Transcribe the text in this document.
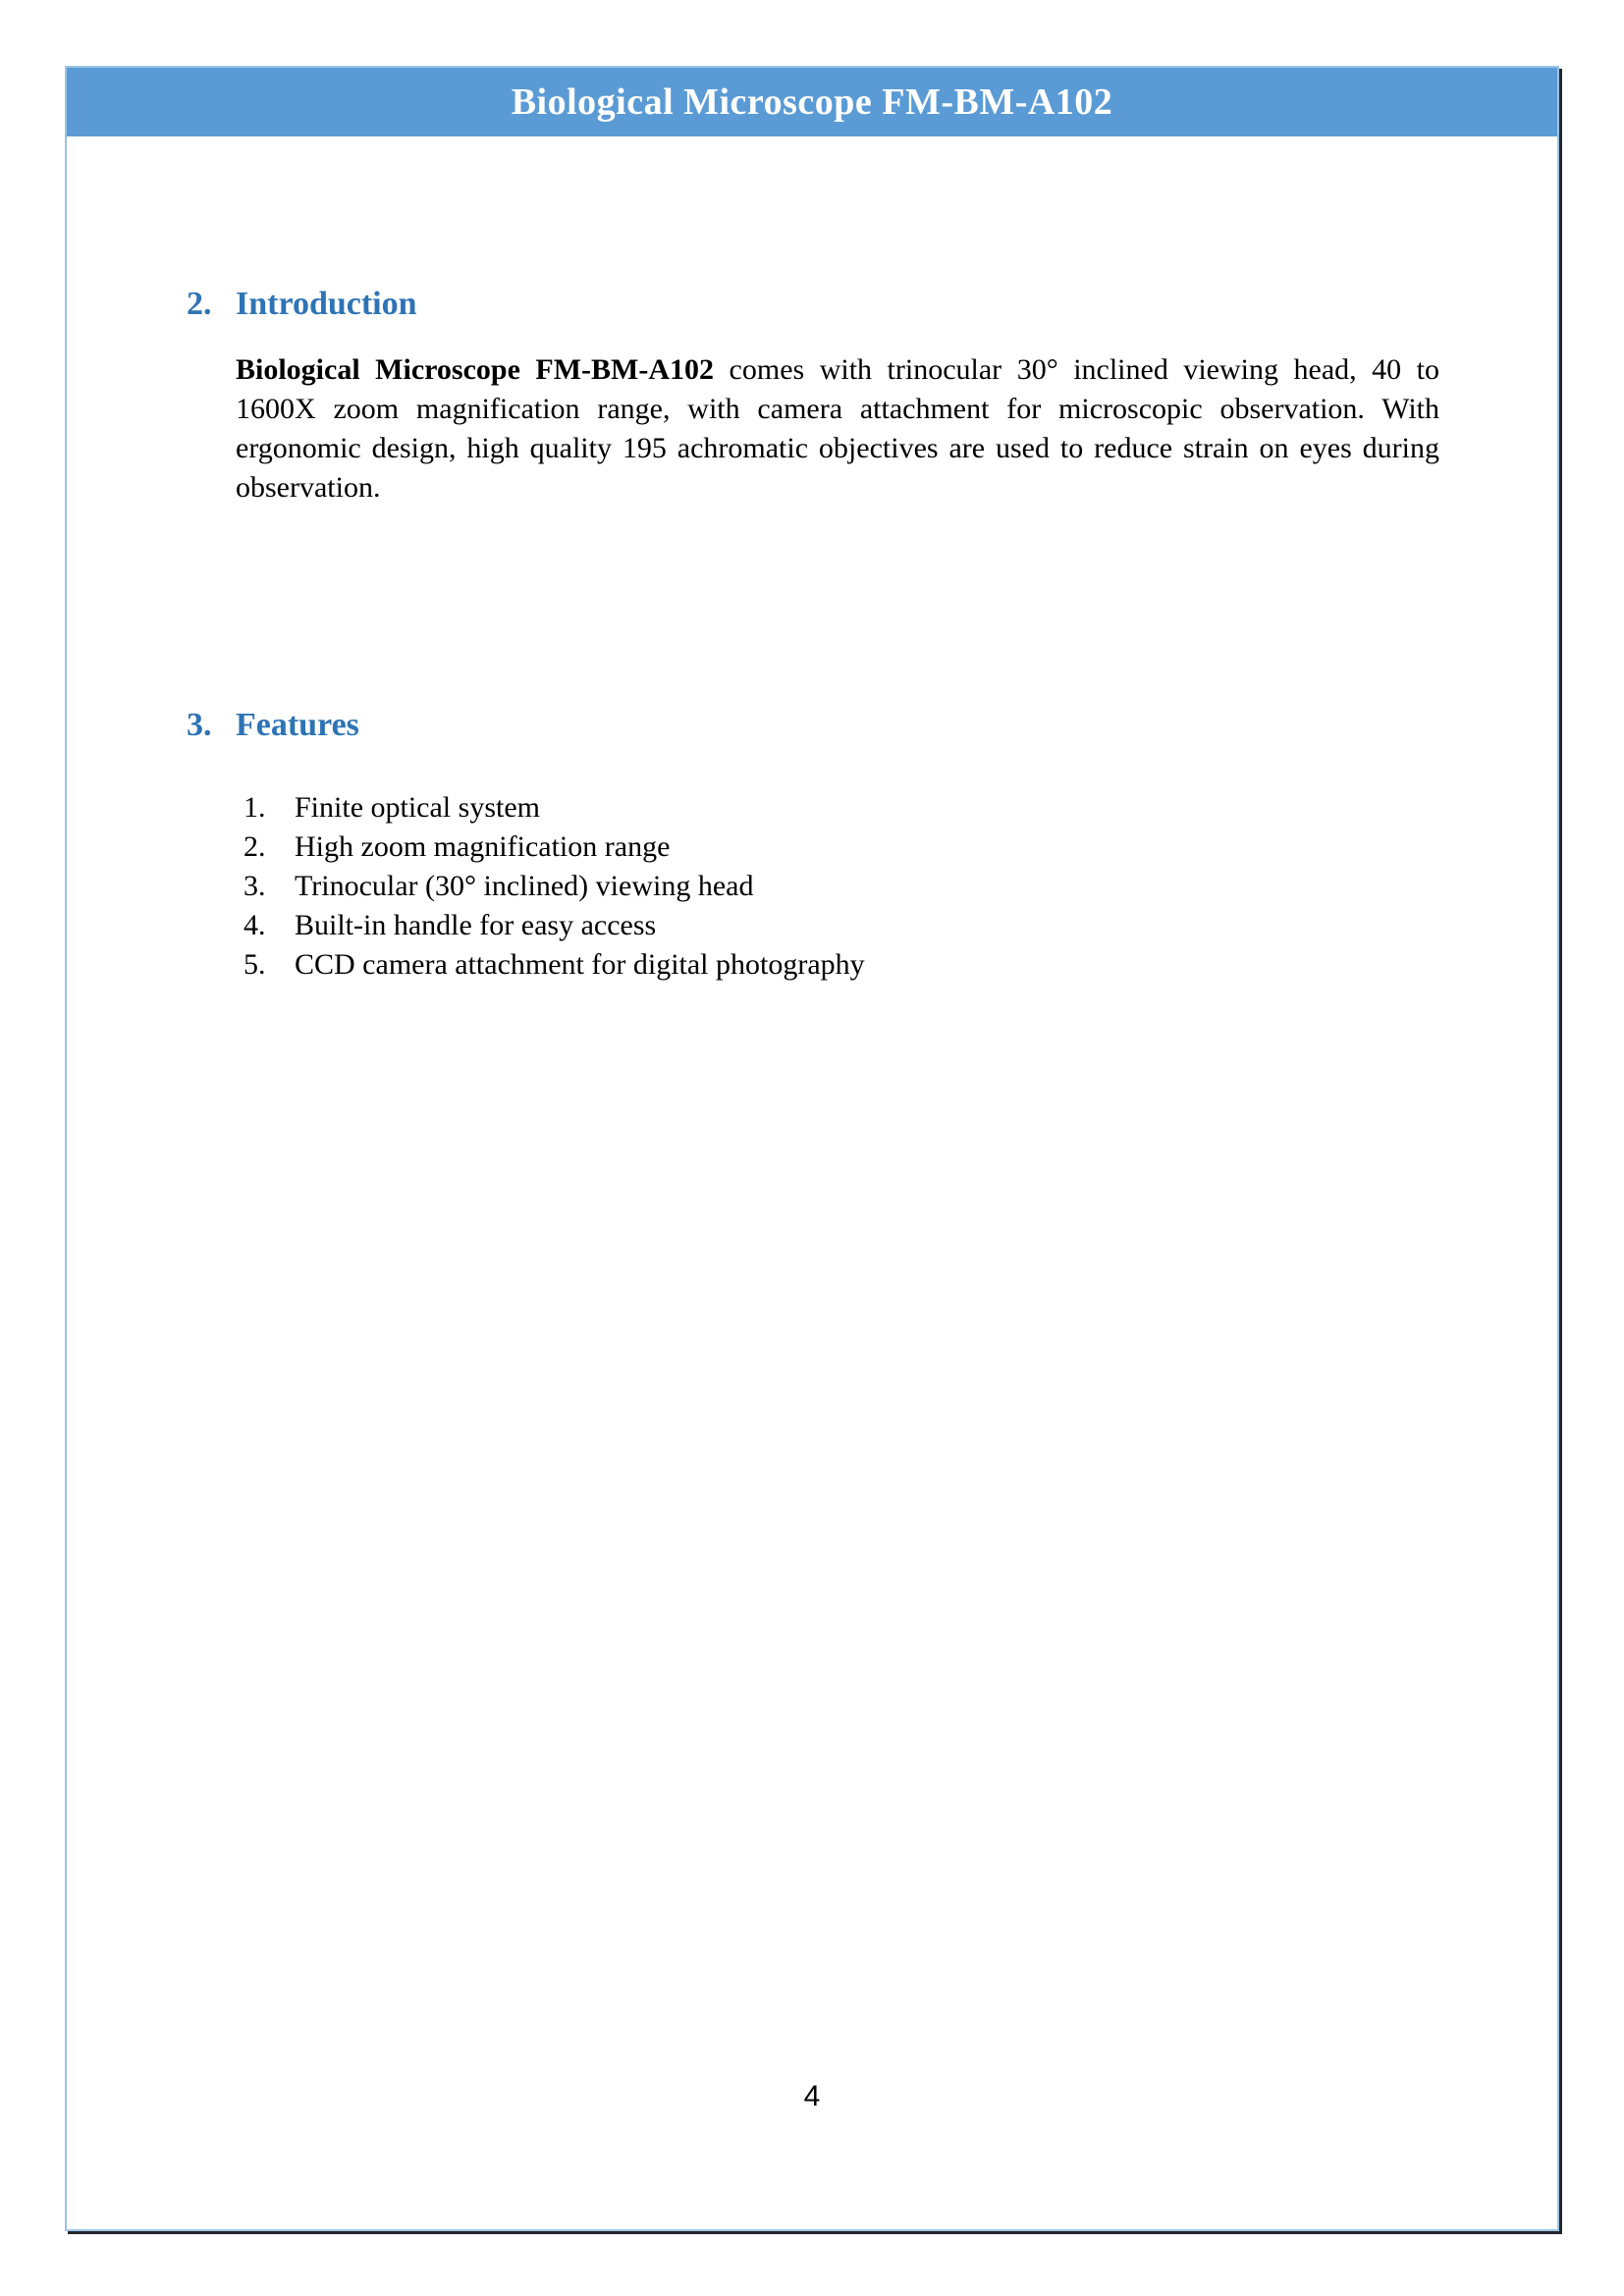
Biological Microscope FM-BM-A102
2. Introduction

Biological Microscope FM-BM-A102 comes with trinocular 30° inclined viewing head, 40 to 1600X zoom magnification range, with camera attachment for microscopic observation. With ergonomic design, high quality 195 achromatic objectives are used to reduce strain on eyes during observation.

3. Features
1. Finite optical system
2. High zoom magnification range
3. Trinocular (30° inclined) viewing head
4. Built-in handle for easy access
5. CCD camera attachment for digital photography
4
